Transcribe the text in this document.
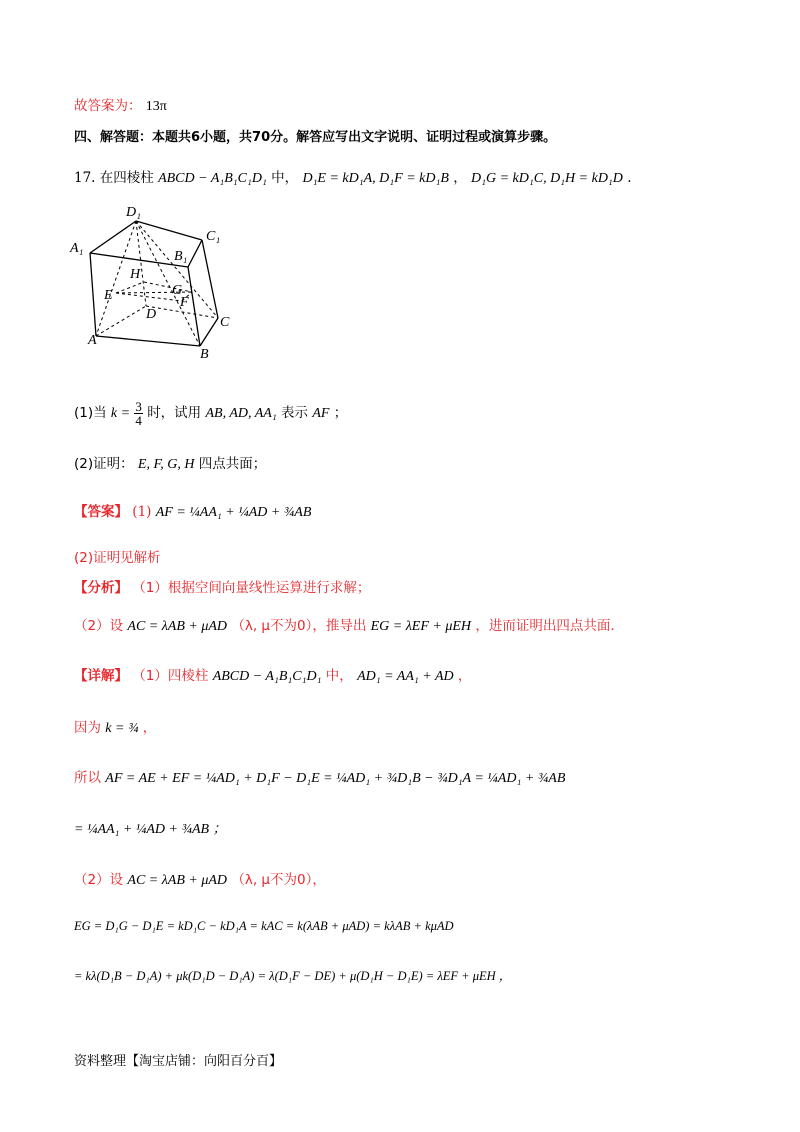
故答案为： 13π
四、解答题：本题共6小题，共70分。解答应写出文字说明、证明过程或演算步骤。
17. 在四棱柱 ABCD − A₁B₁C₁D₁ 中， D₁E = kD₁A, D₁F = kD₁B ， D₁G = kD₁C, D₁H = kD₁D .
D₁
A₁
B₁
C₁
H
G
E	F
D
C
A
B
(1)当 $k = \frac{3}{4}$ 时，试用 AB, AD, AA₁ 表示 AF ；
(2)证明： E, F, G, H 四点共面；
【答案】 (1) AF = ¼AA₁ + ¼AD + ¾AB
(2)证明见解析
【分析】 （1）根据空间向量线性运算进行求解；
（2）设 AC = λAB + μAD （λ, μ不为0），推导出 EG = λEF + μEH ，进而证明出四点共面.
【详解】 （1）四棱柱 ABCD − A₁B₁C₁D₁ 中， AD₁ = AA₁ + AD ，
因为 k = ¾ ，
所以 AF = AE + EF = ¼AD₁ + D₁F − D₁E = ¼AD₁ + ¾D₁B − ¾D₁A = ¼AD₁ + ¾AB
= ¼AA₁ + ¼AD + ¾AB ；
（2）设 AC = λAB + μAD （λ, μ不为0），
EG = D₁G − D₁E = kD₁C − kD₁A = kAC = k(λAB + μAD) = kλAB + kμAD
= kλ(D₁B − D₁A) + μk(D₁D − D₁A) = λ(D₁F − DE) + μ(D₁H − D₁E) = λEF + μEH ，
资料整理【淘宝店铺：向阳百分百】
